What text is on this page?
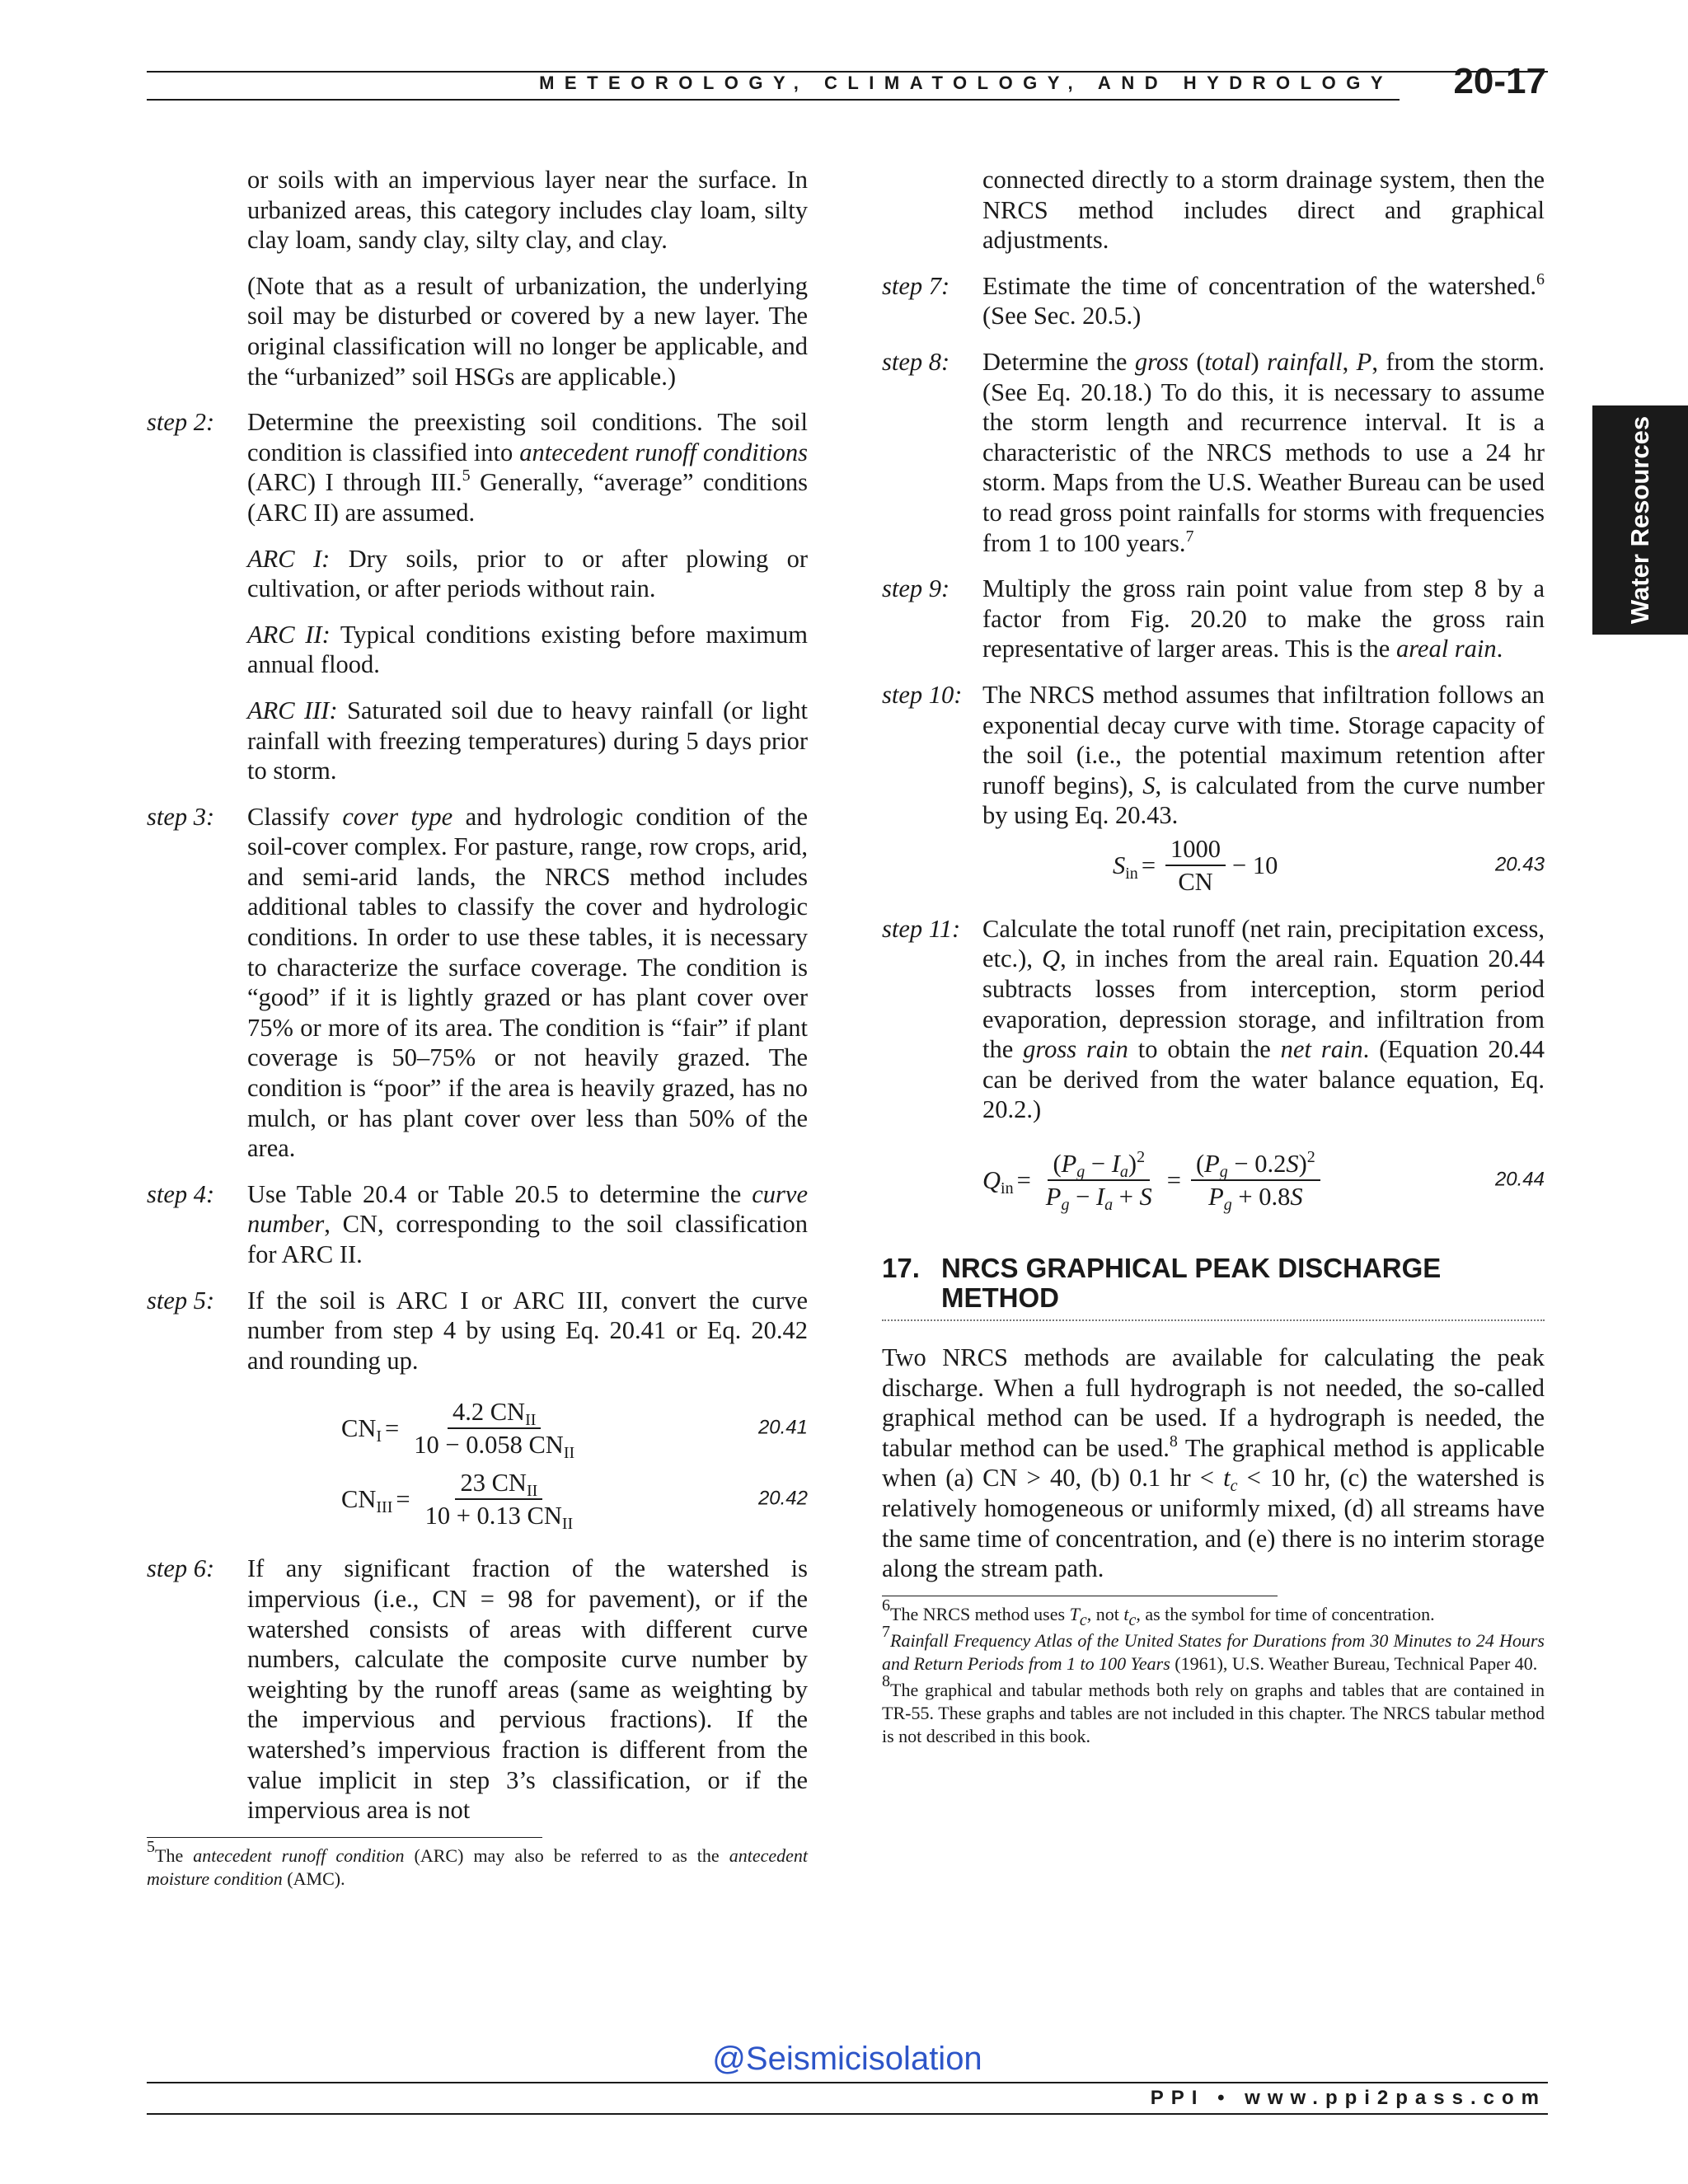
METEOROLOGY, CLIMATOLOGY, AND HYDROLOGY	20-17
Water Resources

or soils with an impervious layer near the surface. In urbanized areas, this category includes clay loam, silty clay loam, sandy clay, silty clay, and clay.

(Note that as a result of urbanization, the underlying soil may be disturbed or covered by a new layer. The original classification will no longer be applicable, and the “urbanized” soil HSGs are applicable.)

step 2:	Determine the preexisting soil conditions. The soil condition is classified into antecedent runoff conditions (ARC) I through III.$^5$ Generally, “average” conditions (ARC II) are assumed.

ARC I: Dry soils, prior to or after plowing or cultivation, or after periods without rain.

ARC II: Typical conditions existing before maximum annual flood.

ARC III: Saturated soil due to heavy rainfall (or light rainfall with freezing temperatures) during 5 days prior to storm.

step 3:	Classify cover type and hydrologic condition of the soil-cover complex. For pasture, range, row crops, arid, and semi-arid lands, the NRCS method includes additional tables to classify the cover and hydrologic conditions. In order to use these tables, it is necessary to characterize the surface coverage. The condition is “good” if it is lightly grazed or has plant cover over 75% or more of its area. The condition is “fair” if plant coverage is 50–75% or not heavily grazed. The condition is “poor” if the area is heavily grazed, has no mulch, or has plant cover over less than 50% of the area.

step 4:	Use Table 20.4 or Table 20.5 to determine the curve number, CN, corresponding to the soil classification for ARC II.

step 5:	If the soil is ARC I or ARC III, convert the curve number from step 4 by using Eq. 20.41 or Eq. 20.42 and rounding up.

$CN_I = \frac{4.2 CN_{II}}{10 - 0.058 CN_{II}}$	20.41
$CN_{III} = \frac{23 CN_{II}}{10 + 0.13 CN_{II}}$	20.42
step 6:	If any significant fraction of the watershed is impervious (i.e., CN = 98 for pavement), or if the watershed consists of areas with different curve numbers, calculate the composite curve number by weighting by the runoff areas (same as weighting by the impervious and pervious fractions). If the watershed’s impervious fraction is different from the value implicit in step 3’s classification, or if the impervious area is not

$^5$The antecedent runoff condition (ARC) may also be referred to as the antecedent moisture condition (AMC).

connected directly to a storm drainage system, then the NRCS method includes direct and graphical adjustments.

step 7:	Estimate the time of concentration of the watershed.$^6$ (See Sec. 20.5.)

step 8:	Determine the gross (total) rainfall, P, from the storm. (See Eq. 20.18.) To do this, it is necessary to assume the storm length and recurrence interval. It is a characteristic of the NRCS methods to use a 24 hr storm. Maps from the U.S. Weather Bureau can be used to read gross point rainfalls for storms with frequencies from 1 to 100 years.$^7$

step 9:	Multiply the gross rain point value from step 8 by a factor from Fig. 20.20 to make the gross rain representative of larger areas. This is the areal rain.

step 10: The NRCS method assumes that infiltration follows an exponential decay curve with time. Storage capacity of the soil (i.e., the potential maximum retention after runoff begins), S, is calculated from the curve number by using Eq. 20.43.

$S_{in} = \frac{1000}{CN} - 10$	20.43
step 11: Calculate the total runoff (net rain, precipitation excess, etc.), Q, in inches from the areal rain. Equation 20.44 subtracts losses from interception, storm period evaporation, depression storage, and infiltration from the gross rain to obtain the net rain. (Equation 20.44 can be derived from the water balance equation, Eq. 20.2.)

$Q_{in} = \frac{(P_g - I_a)^2}{P_g - I_a + S} = \frac{(P_g - 0.2S)^2}{P_g + 0.8S}$	20.44
17. NRCS GRAPHICAL PEAK DISCHARGE METHOD

Two NRCS methods are available for calculating the peak discharge. When a full hydrograph is not needed, the so-called graphical method can be used. If a hydrograph is needed, the tabular method can be used.$^8$ The graphical method is applicable when (a) CN > 40, (b) 0.1 hr < $t_c < 10$ hr, (c) the watershed is relatively homogeneous or uniformly mixed, (d) all streams have the same time of concentration, and (e) there is no interim storage along the stream path.

$^6$The NRCS method uses $T_c$, not $t_c$, as the symbol for time of concentration.

$^7$Rainfall Frequency Atlas of the United States for Durations from 30 Minutes to 24 Hours and Return Periods from 1 to 100 Years (1961), U.S. Weather Bureau, Technical Paper 40.

$^8$The graphical and tabular methods both rely on graphs and tables that are contained in TR-55. These graphs and tables are not included in this chapter. The NRCS tabular method is not described in this book.

@Seismicisolation
PPI • www.ppi2pass.com
